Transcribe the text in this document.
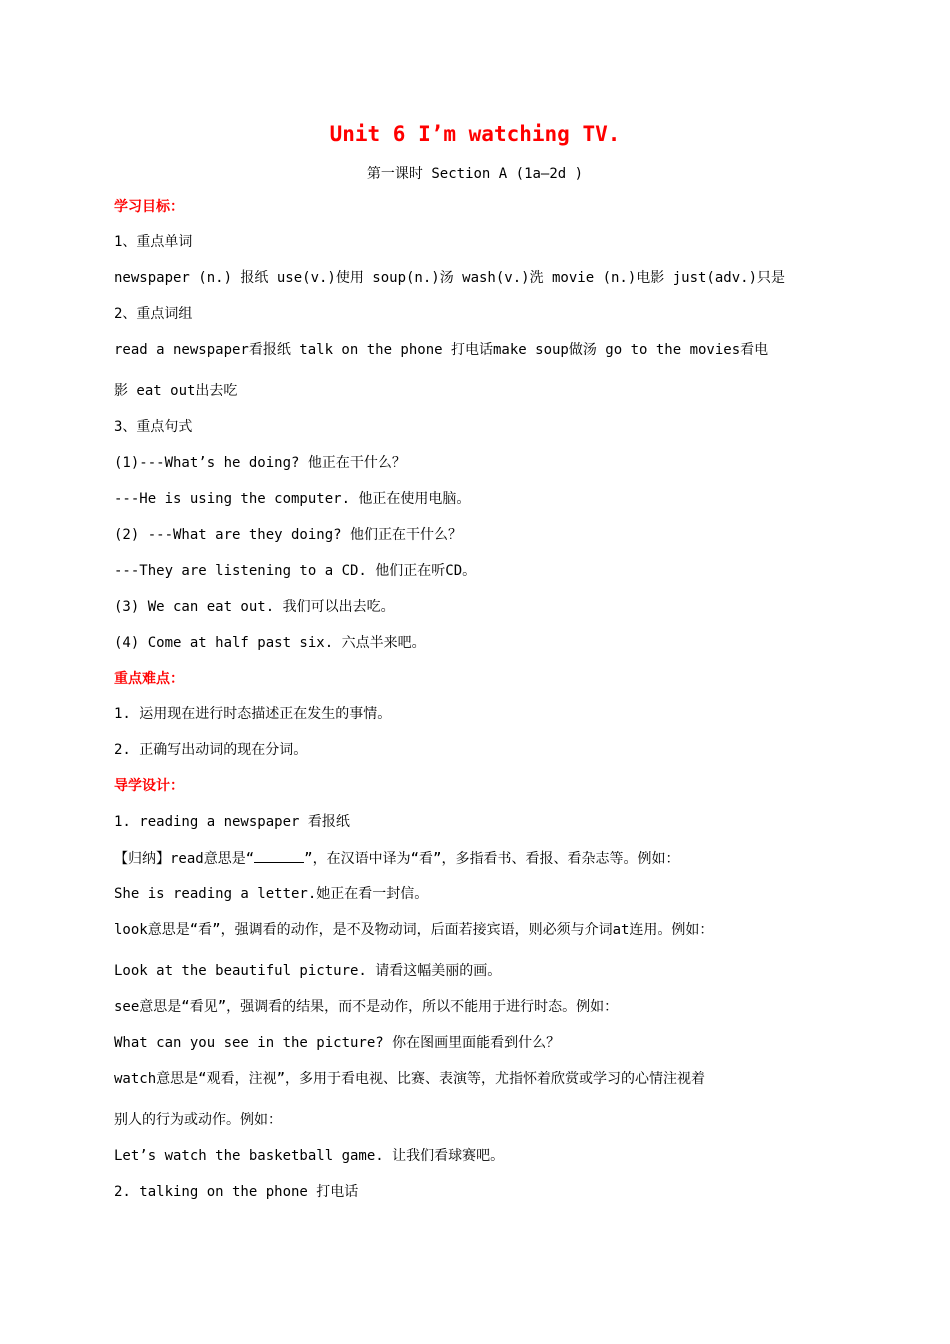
Unit 6 I’m watching TV.
第一课时 Section A (1a—2d )
学习目标：
1、重点单词
newspaper (n.) 报纸 use(v.)使用 soup(n.)汤 wash(v.)洗 movie (n.)电影 just(adv.)只是
2、重点词组
read a newspaper看报纸 talk on the phone 打电话make soup做汤 go to the movies看电
影 eat out出去吃
3、重点句式
(1)---What’s he doing? 他正在干什么？
---He is using the computer. 他正在使用电脑。
(2) ---What are they doing? 他们正在干什么？
---They are listening to a CD. 他们正在听CD。
(3) We can eat out. 我们可以出去吃。
(4) Come at half past six. 六点半来吧。
重点难点：
1. 运用现在进行时态描述正在发生的事情。
2. 正确写出动词的现在分词。
导学设计：
1. reading a newspaper 看报纸
【归纳】read意思是“	”，在汉语中译为“看”，多指看书、看报、看杂志等。例如：
She is reading a letter.她正在看一封信。
look意思是“看”，强调看的动作，是不及物动词，后面若接宾语，则必须与介词at连用。例如：
Look at the beautiful picture. 请看这幅美丽的画。
see意思是“看见”，强调看的结果，而不是动作，所以不能用于进行时态。例如：
What can you see in the picture? 你在图画里面能看到什么？
watch意思是“观看，注视”，多用于看电视、比赛、表演等，尤指怀着欣赏或学习的心情注视着
别人的行为或动作。例如：
Let’s watch the basketball game. 让我们看球赛吧。
2. talking on the phone 打电话
